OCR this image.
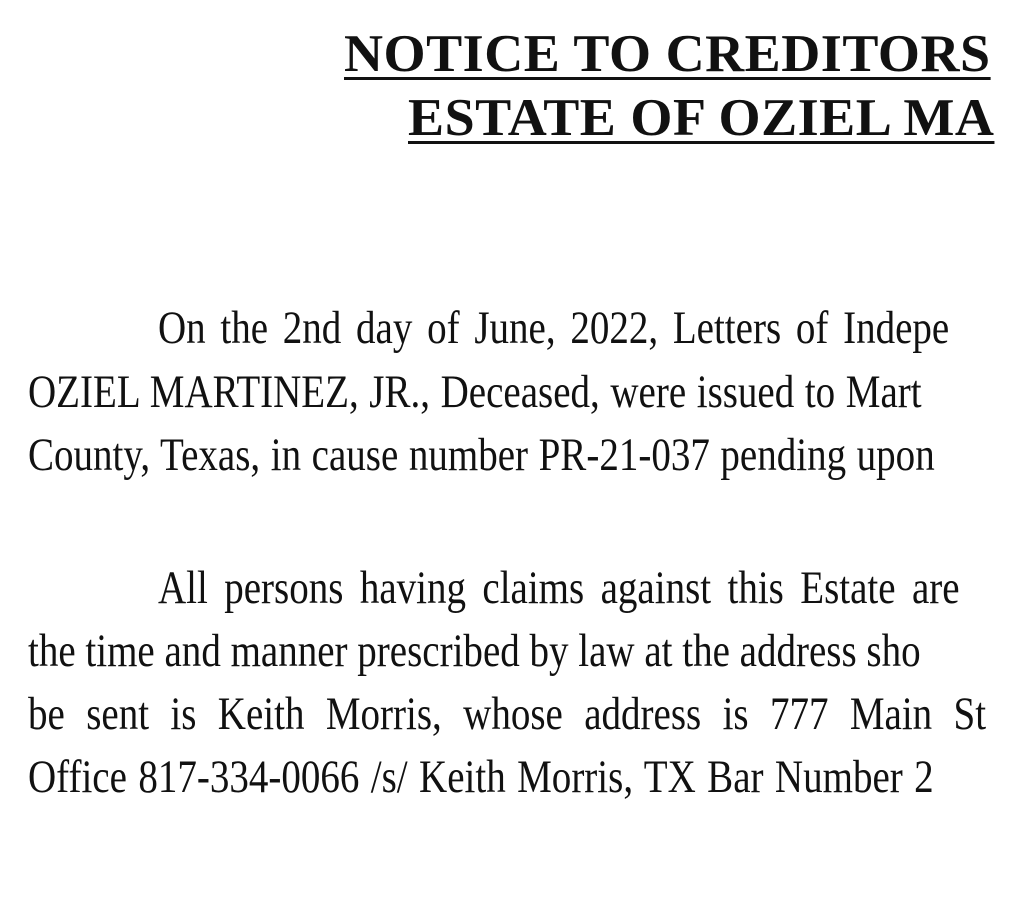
NOTICE TO CREDITORS
ESTATE OF OZIEL MA
On the 2nd day of June, 2022, Letters of Indepe
OZIEL MARTINEZ, JR., Deceased, were issued to Mart
County, Texas, in cause number PR-21-037 pending upon
All persons having claims against this Estate are
the time and manner prescribed by law at the address sho
be sent is Keith Morris, whose address is 777 Main St
Office 817-334-0066 /s/ Keith Morris, TX Bar Number 2
